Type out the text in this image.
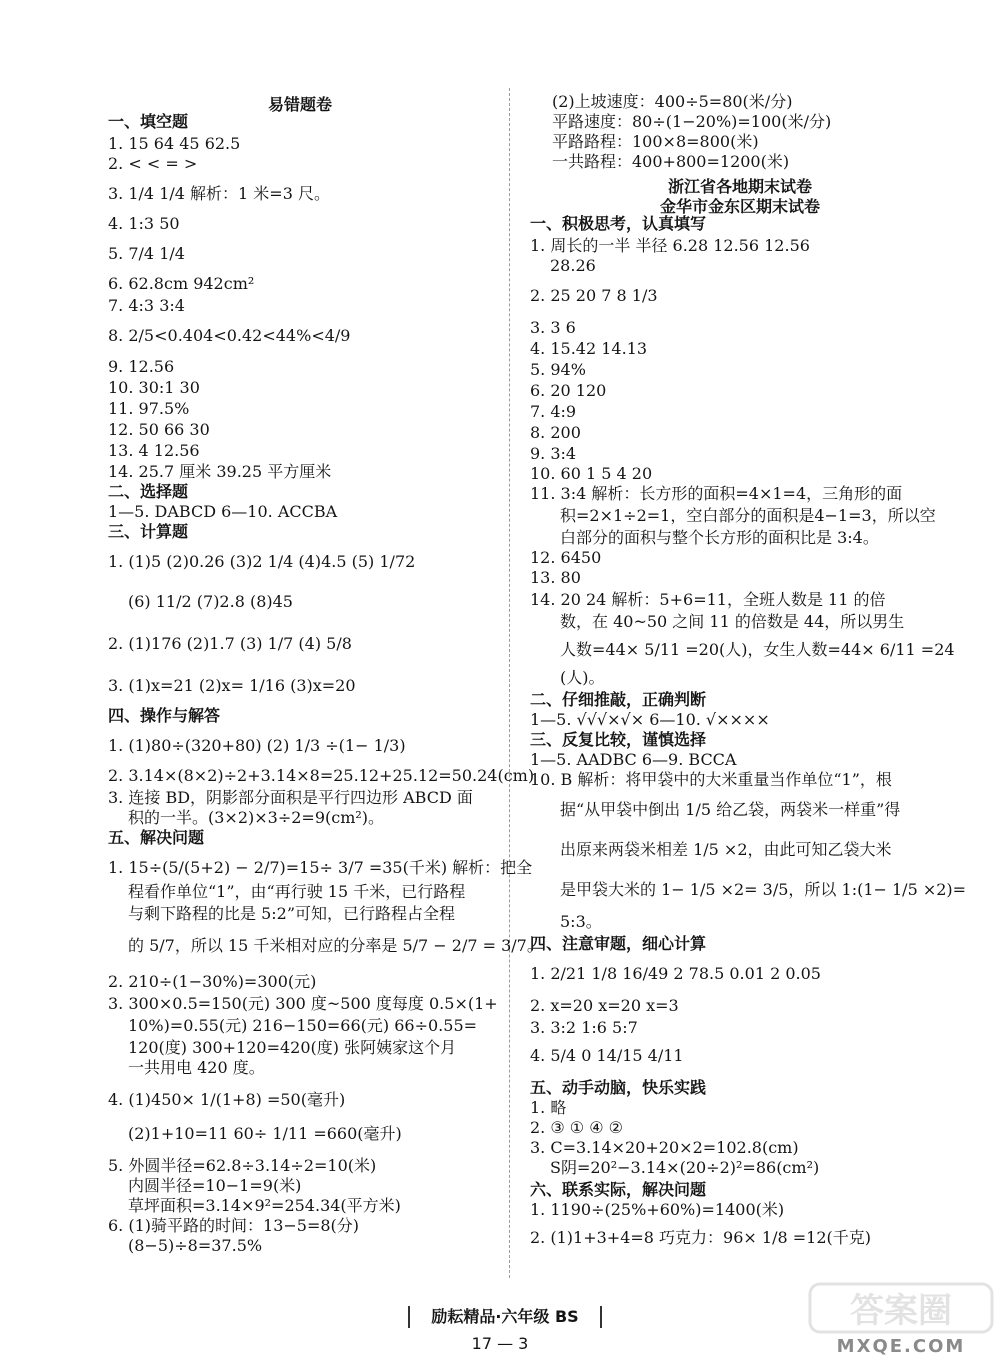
易错题卷
一、填空题
1. 15 64 45 62.5
2. < < = >
3. 1/4 1/4 解析：1 米=3 尺。
4. 1:3 50
5. 7/4 1/4
6. 62.8cm 942cm²
7. 4:3 3:4
8. 2/5<0.404<0.42<44%<4/9
9. 12.56
10. 30:1 30
11. 97.5%
12. 50 66 30
13. 4 12.56
14. 25.7 厘米 39.25 平方厘米
二、选择题
1—5. DABCD 6—10. ACCBA
三、计算题
1. (1)5 (2)0.26 (3)2 1/4 (4)4.5 (5) 1/72
(6) 11/2 (7)2.8 (8)45
2. (1)176 (2)1.7 (3) 1/7 (4) 5/8
3. (1)x=21 (2)x= 1/16 (3)x=20
四、操作与解答
1. (1)80÷(320+80) (2) 1/3 ÷(1− 1/3)
2. 3.14×(8×2)÷2+3.14×8=25.12+25.12=50.24(cm)
3. 连接 BD，阴影部分面积是平行四边形 ABCD 面
积的一半。(3×2)×3÷2=9(cm²)。
五、解决问题
1. 15÷(5/(5+2) − 2/7)=15÷ 3/7 =35(千米) 解析：把全
程看作单位“1”，由“再行驶 15 千米，已行路程
与剩下路程的比是 5:2”可知，已行路程占全程
的 5/7，所以 15 千米相对应的分率是 5/7 − 2/7 = 3/7。
2. 210÷(1−30%)=300(元)
3. 300×0.5=150(元) 300 度~500 度每度 0.5×(1+
10%)=0.55(元) 216−150=66(元) 66÷0.55=
120(度) 300+120=420(度) 张阿姨家这个月
一共用电 420 度。
4. (1)450× 1/(1+8) =50(毫升)
(2)1+10=11 60÷ 1/11 =660(毫升)
5. 外圆半径=62.8÷3.14÷2=10(米)
内圆半径=10−1=9(米)
草坪面积=3.14×9²=254.34(平方米)
6. (1)骑平路的时间：13−5=8(分)
(8−5)÷8=37.5%
(2)上坡速度：400÷5=80(米/分)
平路速度：80÷(1−20%)=100(米/分)
平路路程：100×8=800(米)
一共路程：400+800=1200(米)
浙江省各地期末试卷
金华市金东区期末试卷
一、积极思考，认真填写
1. 周长的一半 半径 6.28 12.56 12.56
28.26
2. 25 20 7 8 1/3
3. 3 6
4. 15.42 14.13
5. 94%
6. 20 120
7. 4:9
8. 200
9. 3:4
10. 60 1 5 4 20
11. 3:4 解析：长方形的面积=4×1=4，三角形的面
积=2×1÷2=1，空白部分的面积是4−1=3，所以空
白部分的面积与整个长方形的面积比是 3:4。
12. 6450
13. 80
14. 20 24 解析：5+6=11，全班人数是 11 的倍
数，在 40~50 之间 11 的倍数是 44，所以男生
人数=44× 5/11 =20(人)，女生人数=44× 6/11 =24
(人)。
二、仔细推敲，正确判断
1—5. √√√×√× 6—10. √××××
三、反复比较，谨慎选择
1—5. AADBC 6—9. BCCA
10. B 解析：将甲袋中的大米重量当作单位“1”，根
据“从甲袋中倒出 1/5 给乙袋，两袋米一样重”得
出原来两袋米相差 1/5 ×2，由此可知乙袋大米
是甲袋大米的 1− 1/5 ×2= 3/5，所以 1:(1− 1/5 ×2)=
5:3。
四、注意审题，细心计算
1. 2/21 1/8 16/49 2 78.5 0.01 2 0.05
2. x=20 x=20 x=3
3. 3:2 1:6 5:7
4. 5/4 0 14/15 4/11
五、动手动脑，快乐实践
1. 略
2. ③ ① ④ ②
3. C=3.14×20+20×2=102.8(cm)
S阴=20²−3.14×(20÷2)²=86(cm²)
六、联系实际，解决问题
1. 1190÷(25%+60%)=1400(米)
2. (1)1+3+4=8 巧克力：96× 1/8 =12(千克)
励耘精品·六年级 BS
17 — 3
答案圈
MXQE.COM
